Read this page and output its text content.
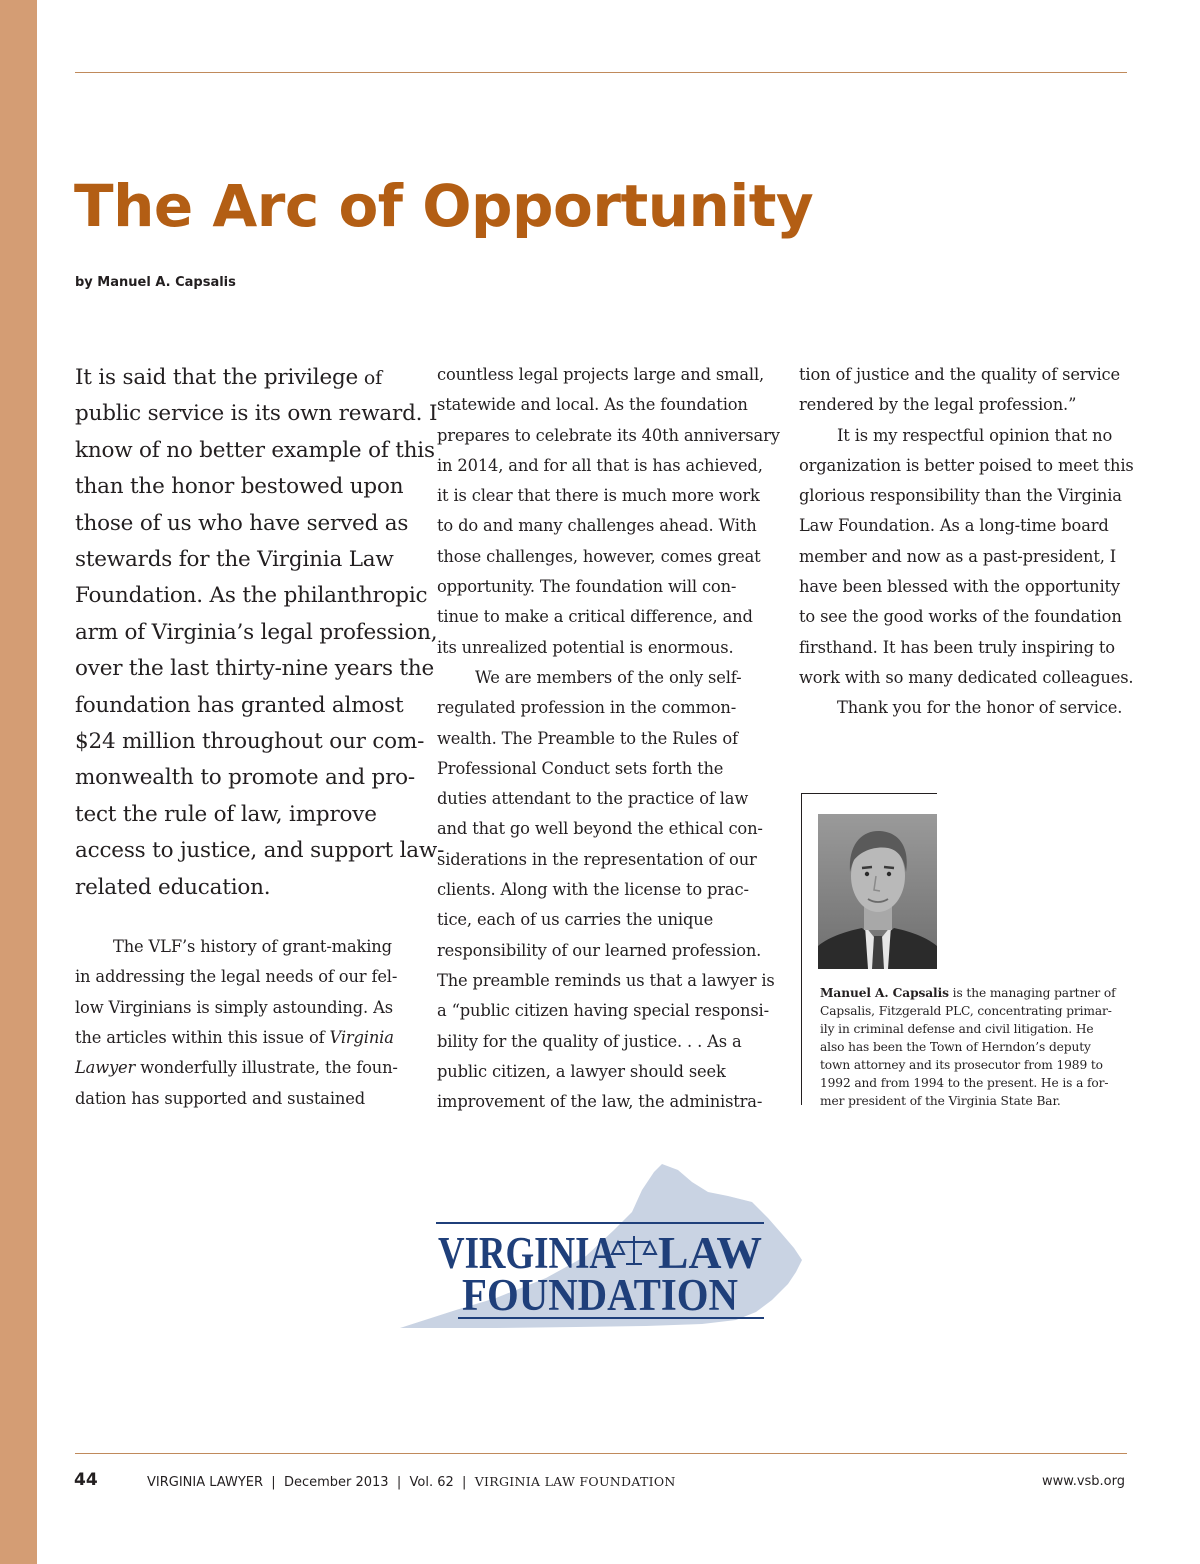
The Arc of Opportunity
by Manuel A. Capsalis

It is said that the privilege of

public service is its own reward. I

know of no better example of this

than the honor bestowed upon

those of us who have served as

stewards for the Virginia Law

Foundation. As the philanthropic

arm of Virginia’s legal profession,

over the last thirty-nine years the

foundation has granted almost

$24 million throughout our com-

monwealth to promote and pro-

tect the rule of law, improve

access to justice, and support law-

related education.

The VLF’s history of grant-making

in addressing the legal needs of our fel-

low Virginians is simply astounding. As

the articles within this issue of Virginia

Lawyer wonderfully illustrate, the foun-

dation has supported and sustained

countless legal projects large and small,

statewide and local. As the foundation

prepares to celebrate its 40th anniversary

in 2014, and for all that is has achieved,

it is clear that there is much more work

to do and many challenges ahead. With

those challenges, however, comes great

opportunity. The foundation will con-

tinue to make a critical difference, and

its unrealized potential is enormous.

We are members of the only self-

regulated profession in the common-

wealth. The Preamble to the Rules of

Professional Conduct sets forth the

duties attendant to the practice of law

and that go well beyond the ethical con-

siderations in the representation of our

clients. Along with the license to prac-

tice, each of us carries the unique

responsibility of our learned profession.

The preamble reminds us that a lawyer is

a “public citizen having special responsi-

bility for the quality of justice. . . As a

public citizen, a lawyer should seek

improvement of the law, the administra-

tion of justice and the quality of service

rendered by the legal profession.”

It is my respectful opinion that no

organization is better poised to meet this

glorious responsibility than the Virginia

Law Foundation. As a long-time board

member and now as a past-president, I

have been blessed with the opportunity

to see the good works of the foundation

firsthand. It has been truly inspiring to

work with so many dedicated colleagues.

Thank you for the honor of service.

Manuel A. Capsalis is the managing partner of

Capsalis, Fitzgerald PLC, concentrating primar-

ily in criminal defense and civil litigation. He

also has been the Town of Herndon’s deputy

town attorney and its prosecutor from 1989 to

1992 and from 1994 to the present. He is a for-

mer president of the Virginia State Bar.

VIRGINIA LAW
FOUNDATION
44	VIRGINIA LAWYER | December 2013 | Vol. 62 | VIRGINIA LAW FOUNDATION	www.vsb.org
